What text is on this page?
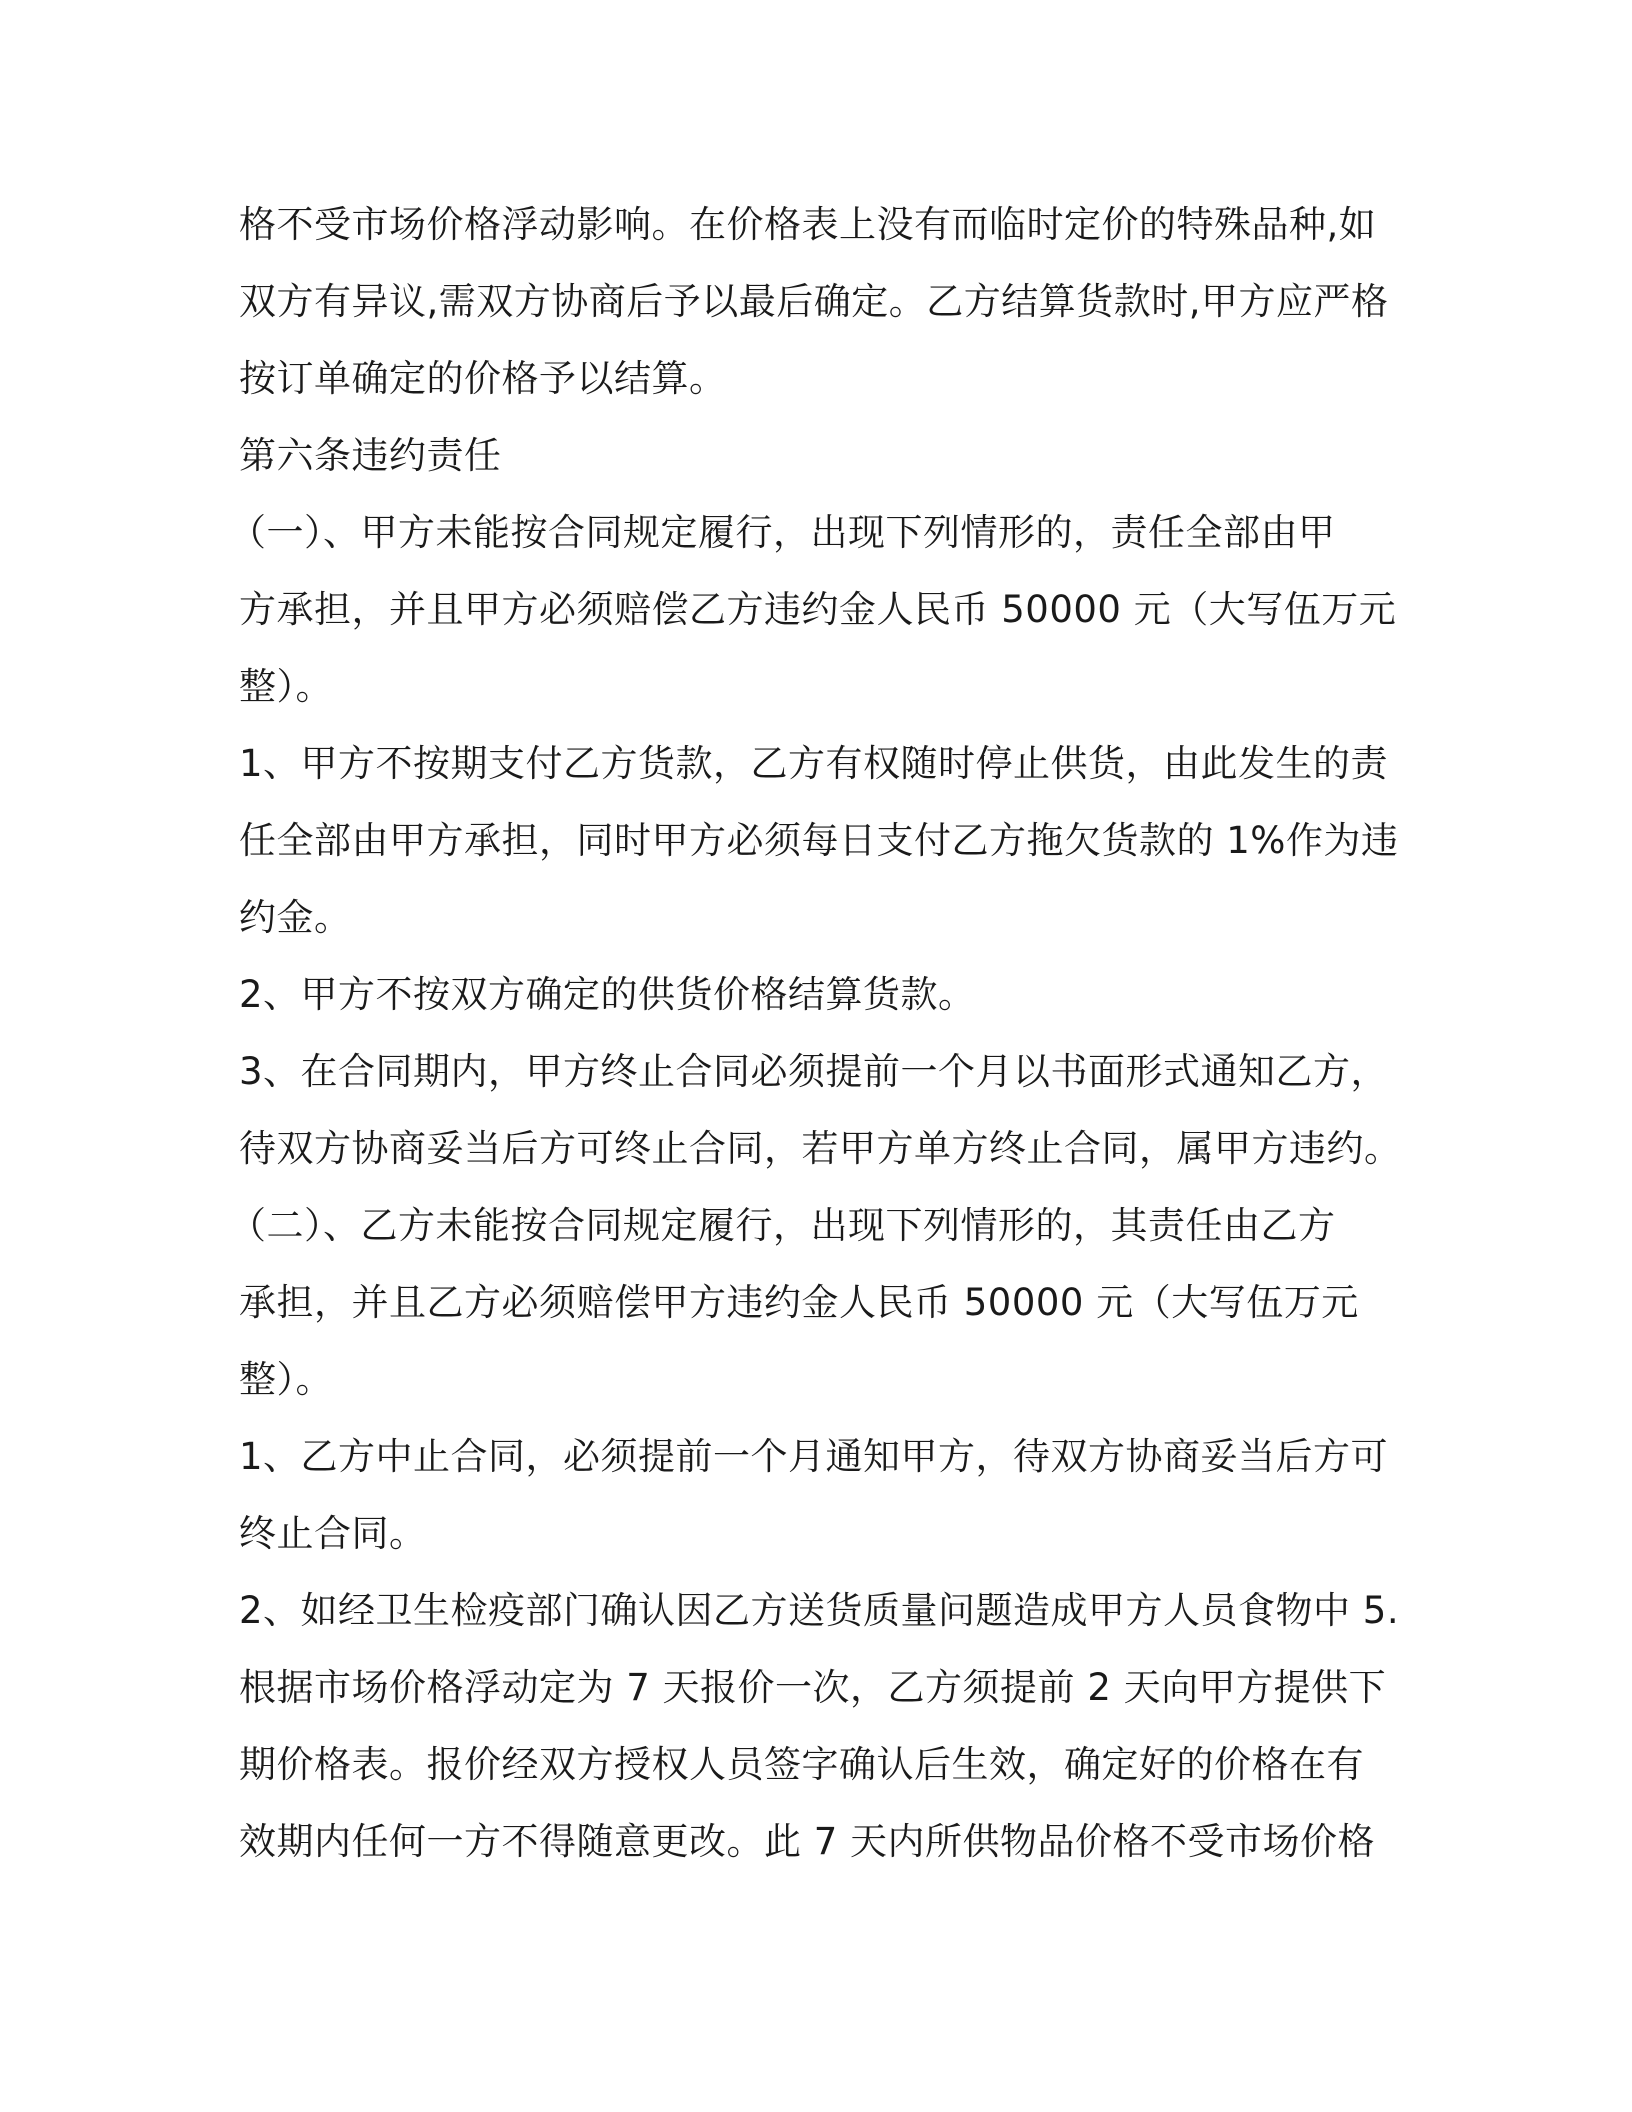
格不受市场价格浮动影响。在价格表上没有而临时定价的特殊品种,如
双方有异议,需双方协商后予以最后确定。乙方结算货款时,甲方应严格
按订单确定的价格予以结算。
第六条违约责任
（一）、甲方未能按合同规定履行，出现下列情形的，责任全部由甲
方承担，并且甲方必须赔偿乙方违约金人民币 50000 元（大写伍万元
整）。
1、甲方不按期支付乙方货款，乙方有权随时停止供货，由此发生的责
任全部由甲方承担，同时甲方必须每日支付乙方拖欠货款的 1%作为违
约金。
2、甲方不按双方确定的供货价格结算货款。
3、在合同期内，甲方终止合同必须提前一个月以书面形式通知乙方，
待双方协商妥当后方可终止合同，若甲方单方终止合同，属甲方违约。
（二）、乙方未能按合同规定履行，出现下列情形的，其责任由乙方
承担，并且乙方必须赔偿甲方违约金人民币 50000 元（大写伍万元
整）。
1、乙方中止合同，必须提前一个月通知甲方，待双方协商妥当后方可
终止合同。
2、如经卫生检疫部门确认因乙方送货质量问题造成甲方人员食物中 5.
根据市场价格浮动定为 7 天报价一次，乙方须提前 2 天向甲方提供下
期价格表。报价经双方授权人员签字确认后生效，确定好的价格在有
效期内任何一方不得随意更改。此 7 天内所供物品价格不受市场价格
